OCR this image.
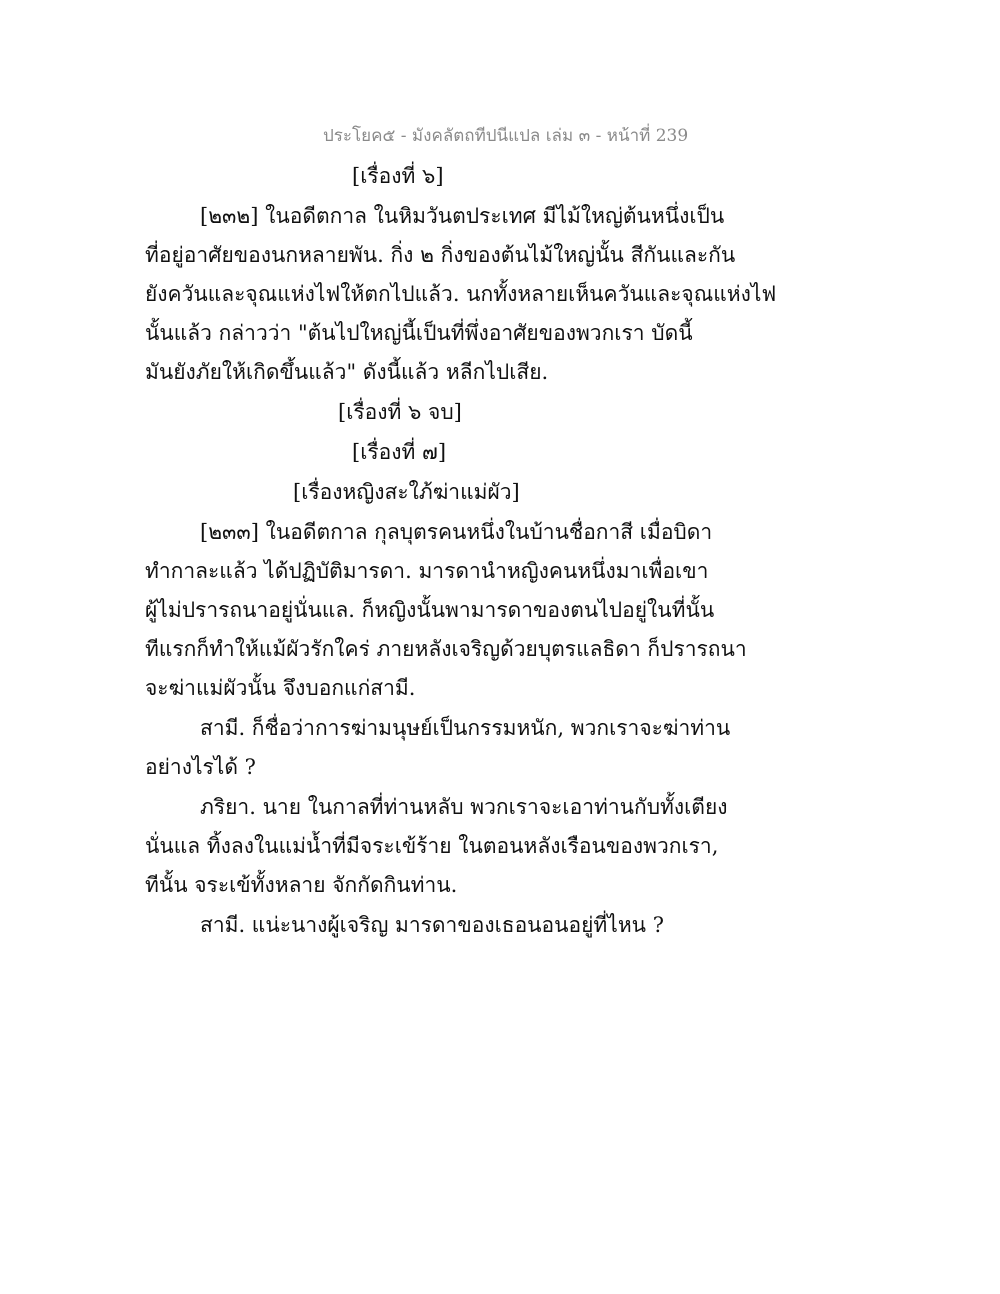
ประโยค๕ - มังคลัตถทีปนีแปล เล่ม ๓ - หน้าที่ 239
[เรื่องที่ ๖]
[๒๓๒] ในอดีตกาล ในหิมวันตประเทศ มีไม้ใหญ่ต้นหนึ่งเป็น
ที่อยู่อาศัยของนกหลายพัน. กิ่ง ๒ กิ่งของต้นไม้ใหญ่นั้น สีกันและกัน
ยังควันและจุณแห่งไฟให้ตกไปแล้ว. นกทั้งหลายเห็นควันและจุณแห่งไฟ
นั้นแล้ว กล่าวว่า "ต้นไปใหญ่นี้เป็นที่พึ่งอาศัยของพวกเรา บัดนี้
มันยังภัยให้เกิดขึ้นแล้ว" ดังนี้แล้ว หลีกไปเสีย.
[เรื่องที่ ๖ จบ]
[เรื่องที่ ๗]
[เรื่องหญิงสะใภ้ฆ่าแม่ผัว]
[๒๓๓] ในอดีตกาล กุลบุตรคนหนึ่งในบ้านชื่อกาสี เมื่อบิดา
ทำกาละแล้ว ได้ปฏิบัติมารดา. มารดานำหญิงคนหนึ่งมาเพื่อเขา
ผู้ไม่ปรารถนาอยู่นั่นแล. ก็หญิงนั้นพามารดาของตนไปอยู่ในที่นั้น
ทีแรกก็ทำให้แม้ผัวรักใคร่ ภายหลังเจริญด้วยบุตรแลธิดา ก็ปรารถนา
จะฆ่าแม่ผัวนั้น จึงบอกแก่สามี.
สามี. ก็ชื่อว่าการฆ่ามนุษย์เป็นกรรมหนัก, พวกเราจะฆ่าท่าน
อย่างไรได้ ?
ภริยา. นาย ในกาลที่ท่านหลับ พวกเราจะเอาท่านกับทั้งเตียง
นั่นแล ทิ้งลงในแม่น้ำที่มีจระเข้ร้าย ในตอนหลังเรือนของพวกเรา,
ทีนั้น จระเข้ทั้งหลาย จักกัดกินท่าน.
สามี. แน่ะนางผู้เจริญ มารดาของเธอนอนอยู่ที่ไหน ?
